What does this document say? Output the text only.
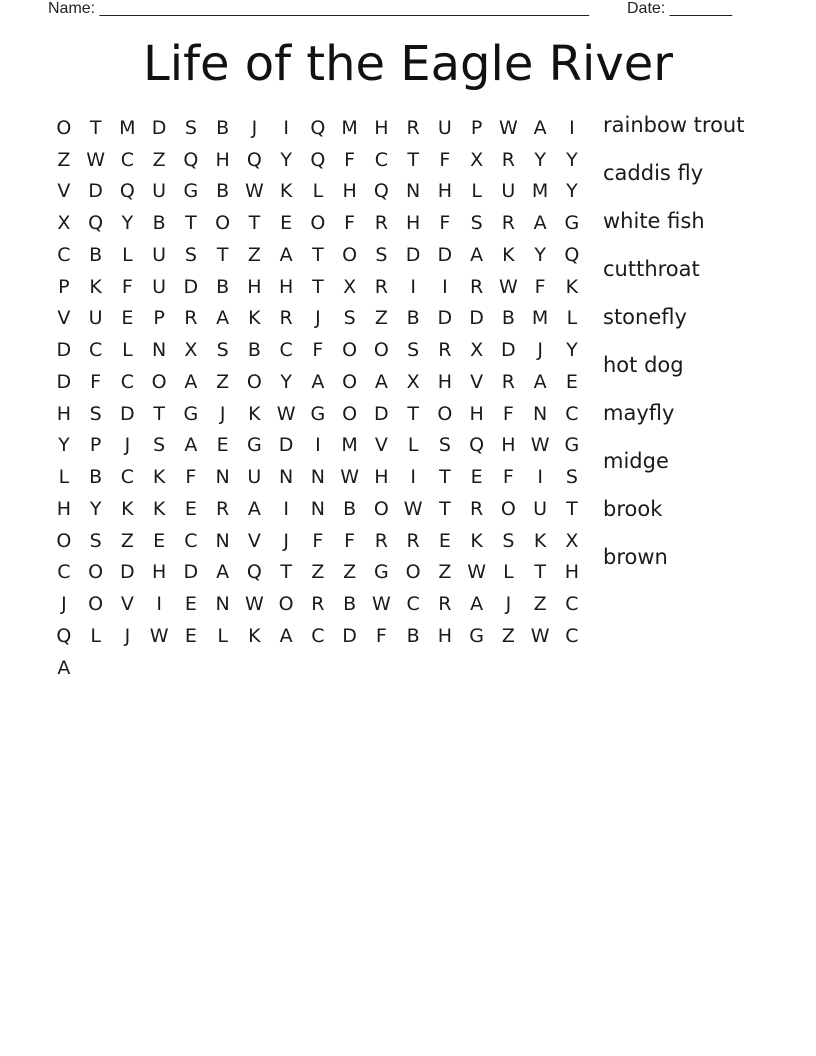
Name: _______________________________________________________ Date: _______
Life of the Eagle River
O T M D S	B	J	I	Q M H R U	P W A	I
Z W C Z Q H Q Y Q F	C	T	F	X R	Y	Y
V D Q U G B W K	L	H Q N H	L	U M Y
X Q Y	B	T O T	E O F	R H	F	S	R A G
C B	L	U S	T	Z A	T O S D D A	K	Y Q
P	K	F	U D B H H T	X R	I	I	R W F	K
V U E	P	R A	K R	J	S	Z B D D B M L
D C	L	N X	S	B C	F O O S	R X D	J	Y
D F	C O A Z O Y	A O A X H V R A	E
H S D T G	J	K W G O D T O H	F	N C
Y	P	J	S	A	E G D	I	M V	L	S Q H W G
L	B C K	F	N U N N W H	I	T	E	F	I	S
H Y	K	K	E	R A	I	N B O W T	R O U T
O S	Z	E	C N V	J	F	F	R R	E	K	S	K	X
C O D H D A Q T	Z Z G O Z W L	T H
J	O V	I	E N W O R B W C R A	J	Z C
Q L	J	W E	L	K	A C D F	B H G Z W C
A
rainbow trout
caddis fly
white fish
cutthroat
stonefly
hot dog
mayfly
midge
brook
brown
